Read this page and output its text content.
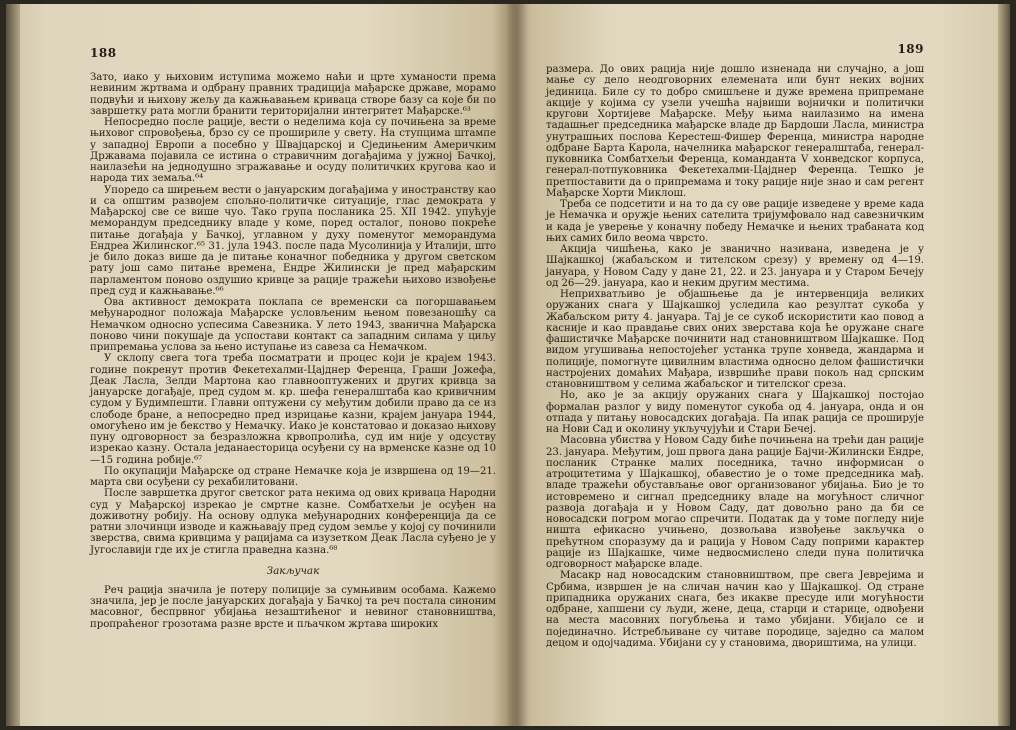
188

Зато, иако у њиховим иступима можемо наћи и црте хуманости према невиним жртвама и одбрану правних традиција мађарске државе, морамо подвући и њихову жељу да кажњавањем криваца створе базу са које би по завршетку рата могли бранити територијални интегритет Мађарске.⁶³

Непосредно после рације, вести о неделима која су почињена за време њиховог спровођења, брзо су се прошириле у свету. На ступцима штампе у западној Европи а посебно у Швајцарској и Сједињеним Америчким Државама појавила се истина о стравичним догађајима у јужној Бачкој, наилазећи на једнодушно згражавање и осуду политичких кругова као и народа тих земаља.⁶⁴

Упоредо са ширењем вести о јануарским догађајима у иностранству као и са општим развојем спољно-политичке ситуације, глас демократа у Мађарској све се више чуо. Тако група посланика 25. XII 1942. упућује меморандум председнику владе у коме, поред осталог, поново покреће питање догађаја у Бачкој, углавном у духу поменутог меморандума Ендреа Жилинског.⁶⁵ 31. јула 1943. после пада Мусолинија у Италији, што је било доказ више да је питање коначног победника у другом светском рату још само питање времена, Ендре Жилински је пред мађарским парламентом поново оздушио кривце за рације тражећи њихово извођење пред суд и кажњавање.⁶⁶

Ова активност демократа поклапа се временски са погоршавањем међународног положаја Мађарске условљеним њеном повезаношћу са Немачком односно успесима Савезника. У лето 1943, званична Мађарска поново чини покушаје да успостави контакт са западним силама у циљу припремања услова за њено иступање из савеза са Немачком.

У склопу свега тога треба посматрати и процес који је крајем 1943. године покренут против Фекетехалми-Цајднер Ференца, Граши Јожефа, Деак Ласла, Зелди Мартона као главнооптужених и других кривца за јануарске догађаје, пред судом м. кр. шефа генералштаба као кривичним судом у Будимпешти. Главни оптужени су међутим добили право да се из слободе бране, а непосредно пред изрицање казни, крајем јануара 1944, омогућено им је бекство у Немачку. Иако је констатовао и доказао њихову пуну одговорност за безразложна крвопролића, суд им није у одсуству изрекао казну. Остала једанаесторица осуђени су на врменске казне од 10—15 година робије.⁶⁷

По окупацији Мађарске од стране Немачке која је извршена од 19—21. марта сви осуђени су рехабилитовани.

После завршетка другог светског рата некима од ових криваца Народни суд у Мађарској изрекао је смртне казне. Сомбатхељи је осуђен на доживотну робију. На основу одлука међународних конференција да се ратни злочинци изводе и кажњавају пред судом земље у којој су починили зверства, свима кривцима у рацијама са изузетком Деак Ласла суђено је у Југославији где их је стигла праведна казна.⁶⁸

Закључак

Реч рација значила је потеру полиције за сумњивим особама. Кажемо значила, јер је после јануарских догађаја у Бачкој та реч постала синоним масовног, беспрвног убијања незаштићеног и невиног становништва, пропраћеног грозотама разне врсте и пљачком жртава широких

189

размера. До ових рација није дошло изненада ни случајно, а још мање су дело неодговорних елемената или бунт неких војних јединица. Биле су то добро смишљене и дуже времена припремане акције у којима су узели учешћа највиши војнички и политички кругови Хортијеве Мађарске. Међу њима наилазимо на имена тадашњег председника мађарске владе др Бардоши Ласла, министра унутрашњих послова Керестеш-Фишер Ференца, министра народне одбране Барта Карола, начелника мађарског генералштаба, генерал-пуковника Сомбатхељи Ференца, команданта V хонведског корпуса, генерал-потпуковника Фекетехалми-Цајднер Ференца. Тешко је претпоставити да о припремама и току рације није знао и сам регент Мађарске Хорти Миклош.

Треба се подсетити и на то да су ове рације изведене у време када је Немачка и оружје њених сателита тријумфовало над савезничким и када је уверење у коначну победу Немачке и њених трабаната код њих самих било веома чврсто.

Акција чишћења, како је званично називана, изведена је у Шајкашкој (жабаљском и тителском срезу) у времену од 4—19. јануара, у Новом Саду у дане 21, 22. и 23. јануара и у Старом Бечеју од 26—29. јануара, као и неким другим местима.

Неприхватљиво је објашњење да је интервенција великих оружаних снага у Шајкашкој уследила као резултат сукоба у Жабаљском риту 4. јануара. Тај је се сукоб искористити као повод а касније и као правдање свих оних зверстава која ће оружане снаге фашистичке Мађарске починити над становништвом Шајкашке. Под видом угушивања непостојећег устанка трупе хонведа, жандарма и полиције, помогнуте цивилним властима односно делом фашистички настројених домаћих Мађара, извршиће прави покољ над српским становништвом у селима жабаљског и тителског среза.

Но, ако је за акцију оружаних снага у Шајкашкој постојао формалан разлог у виду поменутог сукоба од 4. јануара, онда и он отпада у питању новосадских догађаја. Па ипак рација се проширује на Нови Сад и околину укључујући и Стари Бечеј.

Масовна убиства у Новом Саду биће почињена на трећи дан рације 23. јануара. Међутим, још првога дана рације Бајчи-Жилински Ендре, посланик Странке малих поседника, тачно информисан о атроцитетима у Шајкашкој, обавестио је о томе председника мађ. владе тражећи обустављање овог организованог убијања. Био је то истовремено и сигнал председнику владе на могућност сличног развоја догађаја и у Новом Саду, дат довољно рано да би се новосадски погром могао спречити. Податак да у томе погледу није ништа ефикасно учињено, дозвољава извођење закључка о прећутном споразуму да и рација у Новом Саду поприми карактер рације из Шајкашке, чиме недвосмислено следи пуна политичка одговорност мађарске владе.

Масакр над новосадским становништвом, пре свега Јеврејима и Србима, извршен је на сличан начин као у Шајкашкој. Од стране припадника оружаних снага, без икакве пресуде или могућности одбране, хапшени су људи, жене, деца, старци и старице, одвођени на места масовних погубљења и тамо убијани. Убијало се и појединачно. Истребљиване су читаве породице, заједно са малом децом и одојчадима. Убијани су у становима, двориштима, на улици.
